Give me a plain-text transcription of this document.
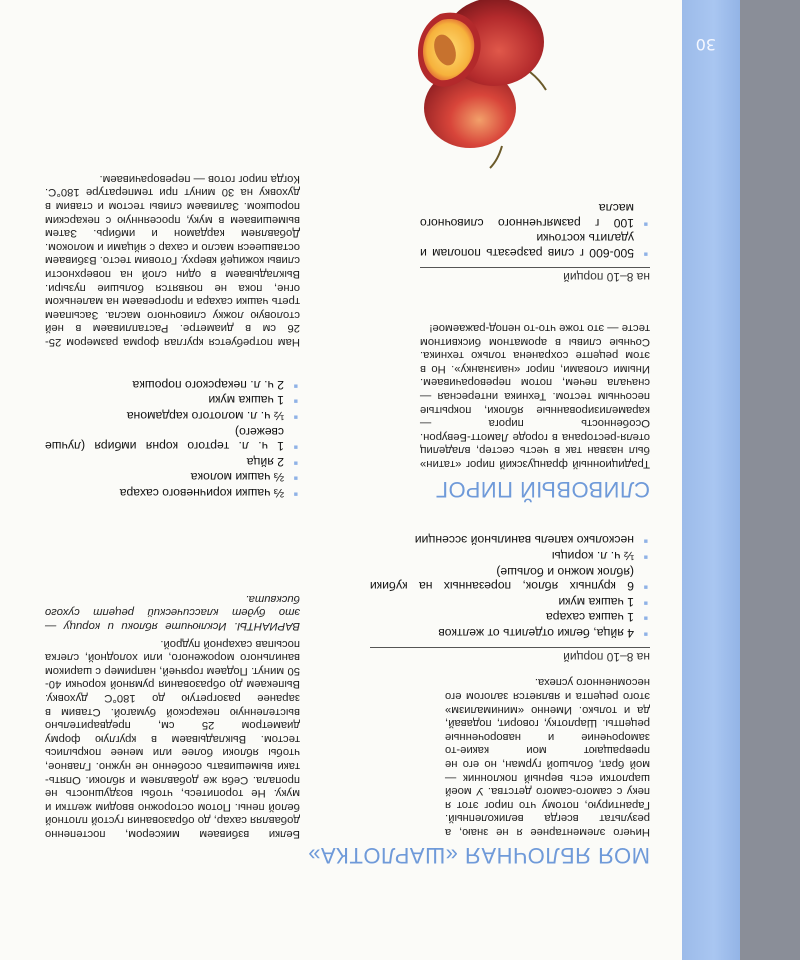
30
МОЯ ЯБЛОЧНАЯ «ШАРЛОТКА»

Ничего элементарнее я не знаю, а результат всегда великолепный. Гарантирую, потому что пирог этот я пеку с самого-самого детства. У моей шарлотки есть верный поклонник — мой брат, большой гурман, но его не превращают мои какие-то заморочение и навороченные рецепты. Шарлотку, говорит, подавай, да и только. Именно «минимализм» этого рецепта и является залогом его несомненного успеха.

на 8–10 порций
■ 4 яйца, белки отделить от желтков
■ 1 чашка сахара
■ 1 чашка муки
■ 6 крупных яблок, порезанных на кубики (яблок можно и больше)
■ ½ ч. л. корицы
■ несколько капель ванильной эссенции

Белки взбиваем миксером, постепенно добавляя сахар, до образования густой плотной белой пены. Потом осторожно вводим желтки и муку. Не торопитесь, чтобы воздушность не пропала. Себя же добавляем и яблоки. Опять-таки вымешивать особенно не нужно. Главное, чтобы яблоки более или менее покрылись тестом. Выкладываем в круглую форму диаметром 25 см, предварительно выстеленную пекарской бумагой. Ставим в заранее разогретую до 180°C духовку. Выпекаем до образования румяной корочки 40-50 минут. Подаем горячей, например с шариком ванильного мороженого, или холодной, слегка посыпав сахарной пудрой.

ВАРИАНТЫ. Исключите яблоки и корицу — это будет классический рецепт сухого бисквита.

СЛИВОВЫЙ ПИРОГ

Традиционный французский пирог «татин» был назван так в честь сестер, владелиц отеля-ресторана в городе Ламотт-Бевурон. Особенность пирога — карамелизированные яблоки, покрытые песочным тестом. Техника интересная — сначала печем, потом переворачиваем. Иными словами, пирог «наизнанку». Но в этом рецепте сохранена только техника. Сочные сливы в ароматном бисквитном тесте — это тоже что-то непод-ражаемое!

на 8–10 порций
■ 500-600 г слив разрезать пополам и удалить косточки
■ 100 г размягченного сливочного масла
■ ⅔ чашки коричневого сахара
■ ⅔ чашки молока
■ 2 яйца
■ 1 ч. л. тертого корня имбиря (лучше свежего)
■ ½ ч. л. молотого кардамона
■ 1 чашка муки
■ 2 ч. л. пекарского порошка

Нам потребуется круглая форма размером 25-26 см в диаметре. Растапливаем в ней столовую ложку сливочного масла. Засыпаем треть чашки сахара и прогреваем на маленьком огне, пока не появятся большие пузыри. Выкладываем в один слой на поверхности сливы кожицей кверху. Готовим тесто. Взбиваем оставшееся масло и сахар с яйцами и молоком. Добавляем кардамон и имбирь. Затем вымешиваем в муку, просеянную с пекарским порошком. Заливаем сливы тестом и ставим в духовку на 30 минут при температуре 180°C. Когда пирог готов — переворачиваем.
